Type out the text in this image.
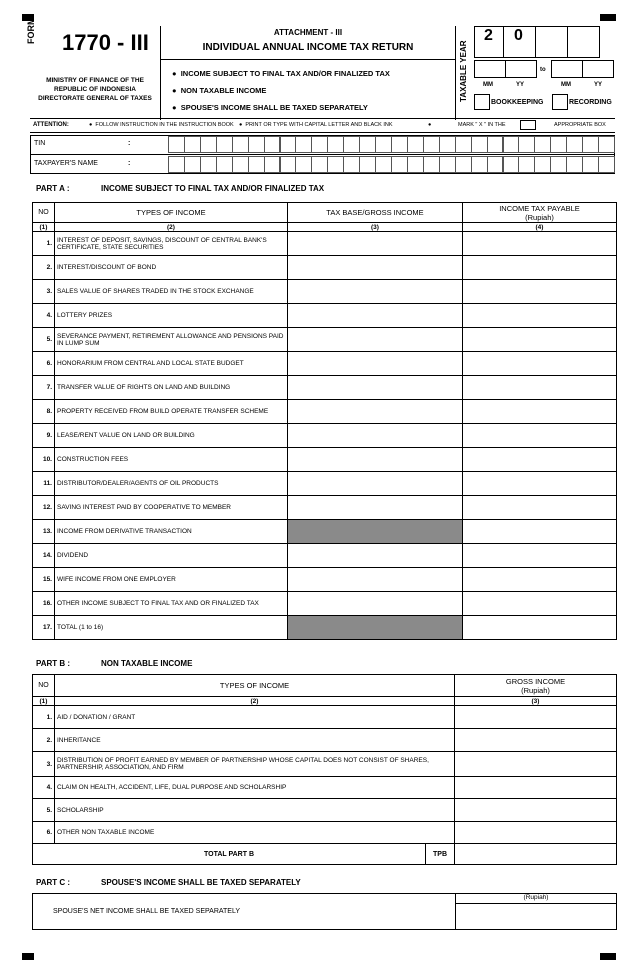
FORM 1770 - III
MINISTRY OF FINANCE OF THE
REPUBLIC OF INDONESIA
DIRECTORATE GENERAL OF TAXES
ATTACHMENT - III
INDIVIDUAL ANNUAL INCOME TAX RETURN
●  INCOME SUBJECT TO FINAL TAX AND/OR FINALIZED TAX
●  NON TAXABLE INCOME
●  SPOUSE'S INCOME SHALL BE TAXED SEPARATELY
TAXABLE YEAR
2 0
MM	YY
to
MM	YY
BOOKKEEPING	RECORDING
ATTENTION:	●  FOLLOW INSTRUCTION IN THE INSTRUCTION BOOK ●  PRINT OR TYPE WITH CAPITAL LETTER AND BLACK INK	●	MARK " X " IN THE	APPROPRIATE BOX
TIN	:
TAXPAYER'S NAME	:
PART A :	INCOME SUBJECT TO FINAL TAX AND/OR FINALIZED TAX
NO	TYPES OF INCOME	TAX BASE/GROSS INCOME	INCOME TAX PAYABLE
(Rupiah)

(1)	(2)	(3)	(4)
1.	INTEREST OF DEPOSIT, SAVINGS, DISCOUNT OF CENTRAL BANK'S CERTIFICATE, STATE SECURITIES		
2.	INTEREST/DISCOUNT OF BOND		
3.	SALES VALUE OF SHARES TRADED IN THE STOCK EXCHANGE		
4.	LOTTERY PRIZES		
5.	SEVERANCE PAYMENT, RETIREMENT ALLOWANCE AND PENSIONS PAID IN LUMP SUM		
6.	HONORARIUM FROM CENTRAL AND LOCAL STATE BUDGET		
7.	TRANSFER VALUE OF RIGHTS ON LAND AND BUILDING		
8.	PROPERTY RECEIVED FROM BUILD OPERATE TRANSFER SCHEME		
9.	LEASE/RENT VALUE ON LAND OR BUILDING		
10.	CONSTRUCTION FEES		
11.	DISTRIBUTOR/DEALER/AGENTS OF OIL PRODUCTS		
12.	SAVING INTEREST PAID BY COOPERATIVE TO MEMBER		
13.	INCOME FROM DERIVATIVE TRANSACTION		
14.	DIVIDEND		
15.	WIFE INCOME FROM ONE EMPLOYER		
16.	OTHER INCOME SUBJECT TO FINAL TAX AND OR FINALIZED TAX		
17.	TOTAL (1 to 16)		
PART B :	NON TAXABLE INCOME
NO	TYPES OF INCOME		GROSS INCOME
(Rupiah)

(1)	(2)		(3)
1.	AID / DONATION / GRANT		
2.	INHERITANCE		
3.	DISTRIBUTION OF PROFIT EARNED BY MEMBER OF PARTNERSHIP WHOSE CAPITAL DOES NOT CONSIST OF SHARES, PARTNERSHIP, ASSOCIATION, AND FIRM		
4.	CLAIM ON HEALTH, ACCIDENT, LIFE, DUAL PURPOSE AND SCHOLARSHIP		
5.	SCHOLARSHIP		
6.	OTHER NON TAXABLE INCOME		
TOTAL PART B		TPB	
PART C :	SPOUSE'S INCOME SHALL BE TAXED SEPARATELY
(Rupiah)
SPOUSE'S NET INCOME SHALL BE TAXED SEPARATELY
